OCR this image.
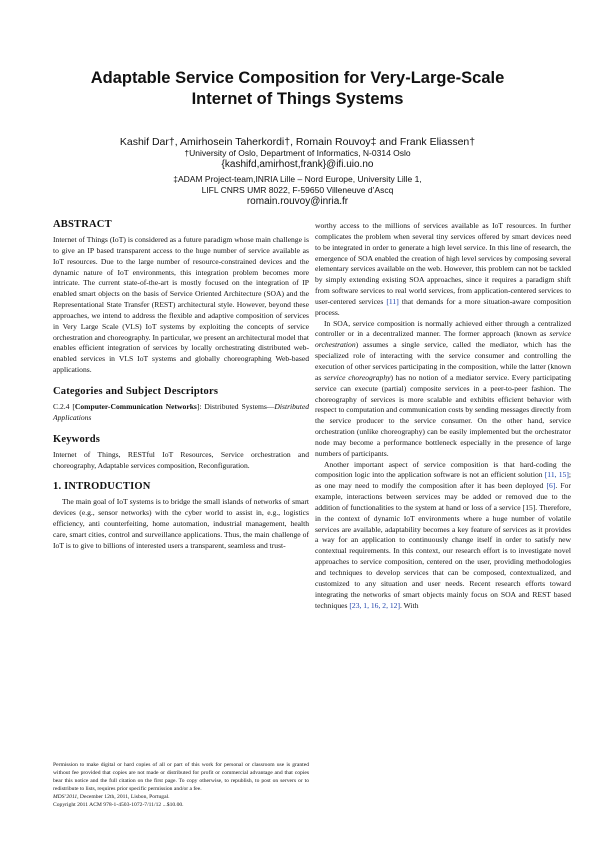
Adaptable Service Composition for Very-Large-Scale
Internet of Things Systems
Kashif Dar†, Amirhosein Taherkordi†, Romain Rouvoy‡ and Frank Eliassen†
†University of Oslo, Department of Informatics, N-0314 Oslo
{kashifd,amirhost,frank}@ifi.uio.no
‡ADAM Project-team,INRIA Lille – Nord Europe, University Lille 1,
LIFL CNRS UMR 8022, F-59650 Villeneuve d’Ascq
romain.rouvoy@inria.fr
ABSTRACT

Internet of Things (IoT) is considered as a future paradigm whose main challenge is to give an IP based transparent access to the huge number of service available as IoT resources. Due to the large number of resource-constrained devices and the dynamic nature of IoT environments, this integration problem becomes more intricate. The current state-of-the-art is mostly focused on the integration of IP enabled smart objects on the basis of Service Oriented Architecture (SOA) and the Representational State Transfer (REST) architectural style. However, beyond these approaches, we intend to address the flexible and adaptive composition of services in Very Large Scale (VLS) IoT systems by exploiting the concepts of service orchestration and choreography. In particular, we present an architectural model that enables efficient integration of services by locally orchestrating distributed web-enabled services in VLS IoT systems and globally choreographing Web-based applications.

Categories and Subject Descriptors

C.2.4 [Computer-Communication Networks]: Distributed Systems—Distributed Applications

Keywords

Internet of Things, RESTful IoT Resources, Service orchestration and choreography, Adaptable services composition, Reconfiguration.

1. INTRODUCTION

The main goal of IoT systems is to bridge the small islands of networks of smart devices (e.g., sensor networks) with the cyber world to assist in, e.g., logistics efficiency, anti counterfeiting, home automation, industrial management, health care, smart cities, control and surveillance applications. Thus, the main challenge of IoT is to give to billions of interested users a transparent, seamless and trust-

Permission to make digital or hard copies of all or part of this work for personal or classroom use is granted without fee provided that copies are not made or distributed for profit or commercial advantage and that copies bear this notice and the full citation on the first page. To copy otherwise, to republish, to post on servers or to redistribute to lists, requires prior specific permission and/or a fee.

MDS’2011, December 12th, 2011, Lisbon, Portugal.

Copyright 2011 ACM 978-1-4503-1072-7/11/12 ...$10.00.

worthy access to the millions of services available as IoT resources. In further complicates the problem when several tiny services offered by smart devices need to be integrated in order to generate a high level service. In this line of research, the emergence of SOA enabled the creation of high level services by composing several elementary services available on the web. However, this problem can not be tackled by simply extending existing SOA approaches, since it requires a paradigm shift from software services to real world services, from application-centered services to user-centered services [11] that demands for a more situation-aware composition process.

In SOA, service composition is normally achieved either through a centralized controller or in a decentralized manner. The former approach (known as service orchestration) assumes a single service, called the mediator, which has the specialized role of interacting with the service consumer and controlling the execution of other services participating in the composition, while the latter (known as service choreography) has no notion of a mediator service. Every participating service can execute (partial) composite services in a peer-to-peer fashion. The choreography of services is more scalable and exhibits efficient behavior with respect to computation and communication costs by sending messages directly from the service producer to the service consumer. On the other hand, service orchestration (unlike choreography) can be easily implemented but the orchestrator node may become a performance bottleneck especially in the presence of large numbers of participants.

Another important aspect of service composition is that hard-coding the composition logic into the application software is not an efficient solution [11, 15]; as one may need to modify the composition after it has been deployed [6]. For example, interactions between services may be added or removed due to the addition of functionalities to the system at hand or loss of a service [15]. Therefore, in the context of dynamic IoT environments where a huge number of volatile services are available, adaptability becomes a key feature of services as it provides a way for an application to continuously change itself in order to satisfy new contextual requirements. In this context, our research effort is to investigate novel approaches to service composition, centered on the user, providing methodologies and techniques to develop services that can be composed, contextualized, and customized to any situation and user needs. Recent research efforts toward integrating the networks of smart objects mainly focus on SOA and REST based techniques [23, 1, 16, 2, 12]. With
